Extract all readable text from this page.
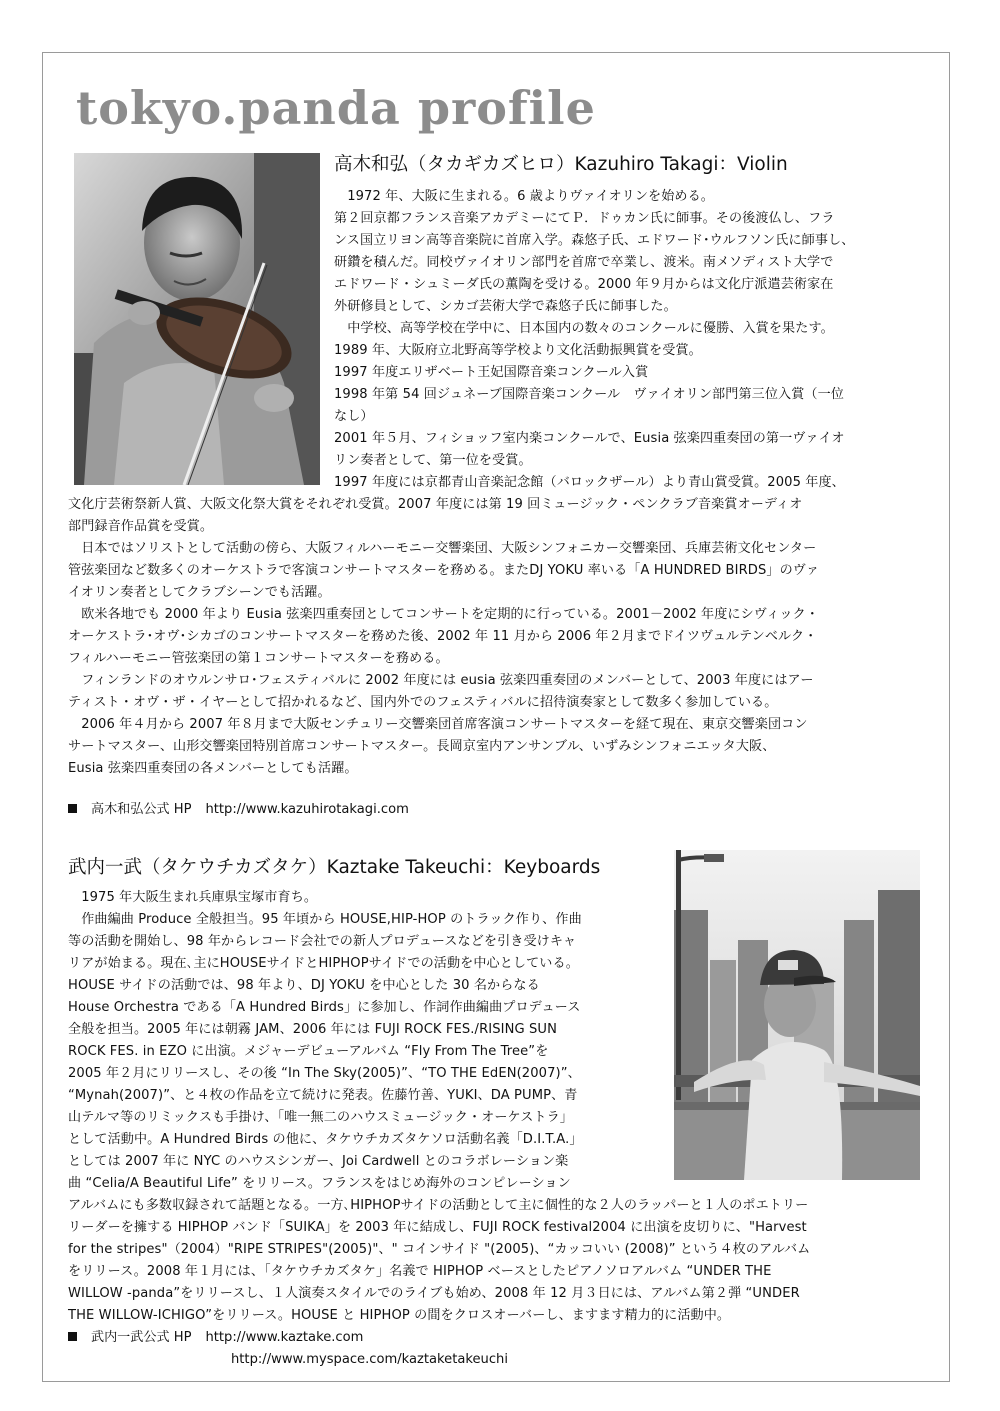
tokyo.panda profile
高木和弘（タカギカズヒロ）Kazuhiro Takagi：Violin

　1972 年、大阪に生まれる。6 歳よりヴァイオリンを始める。

第２回京都フランス音楽アカデミーにてＰ．ドゥカン氏に師事。その後渡仏し、フラ

ンス国立リヨン高等音楽院に首席入学。森悠子氏、エドワード･ウルフソン氏に師事し、

研鑽を積んだ。同校ヴァイオリン部門を首席で卒業し、渡米。南メソディスト大学で

エドワード・シュミーダ氏の薫陶を受ける。2000 年９月からは文化庁派遣芸術家在

外研修員として、シカゴ芸術大学で森悠子氏に師事した。

　中学校、高等学校在学中に、日本国内の数々のコンクールに優勝、入賞を果たす。

1989 年、大阪府立北野高等学校より文化活動振興賞を受賞。

1997 年度エリザベート王妃国際音楽コンクール入賞

1998 年第 54 回ジュネーブ国際音楽コンクール　ヴァイオリン部門第三位入賞（一位

なし）

2001 年５月、フィショッフ室内楽コンクールで、Eusia 弦楽四重奏団の第一ヴァイオ

リン奏者として、第一位を受賞。

1997 年度には京都青山音楽記念館（バロックザール）より青山賞受賞。2005 年度、

文化庁芸術祭新人賞、大阪文化祭大賞をそれぞれ受賞。2007 年度には第 19 回ミュージック・ペンクラブ音楽賞オーディオ

部門録音作品賞を受賞。

　日本ではソリストとして活動の傍ら、大阪フィルハーモニー交響楽団、大阪シンフォニカー交響楽団、兵庫芸術文化センター

管弦楽団など数多くのオーケストラで客演コンサートマスターを務める。またDJ YOKU 率いる「A HUNDRED BIRDS」のヴァ

イオリン奏者としてクラブシーンでも活躍。

　欧米各地でも 2000 年より Eusia 弦楽四重奏団としてコンサートを定期的に行っている。2001－2002 年度にシヴィック・

オーケストラ･オヴ･シカゴのコンサートマスターを務めた後、2002 年 11 月から 2006 年２月までドイツヴュルテンベルク・

フィルハーモニー管弦楽団の第１コンサートマスターを務める。

　フィンランドのオウルンサロ･フェスティバルに 2002 年度には eusia 弦楽四重奏団のメンバーとして、2003 年度にはアー

ティスト・オヴ・ザ・イヤーとして招かれるなど、国内外でのフェスティバルに招待演奏家として数多く参加している。

　2006 年４月から 2007 年８月まで大阪センチュリー交響楽団首席客演コンサートマスターを経て現在、東京交響楽団コン

サートマスター、山形交響楽団特別首席コンサートマスター。長岡京室内アンサンブル、いずみシンフォニエッタ大阪、

Eusia 弦楽四重奏団の各メンバーとしても活躍。

高木和弘公式 HP http://www.kazuhirotakagi.com

武内一武（タケウチカズタケ）Kaztake Takeuchi：Keyboards

　1975 年大阪生まれ兵庫県宝塚市育ち。

　作曲編曲 Produce 全般担当。95 年頃から HOUSE,HIP-HOP のトラック作り、作曲

等の活動を開始し、98 年からレコード会社での新人プロデュースなどを引き受けキャ

リアが始まる。現在､主にHOUSEサイドとHIPHOPサイドでの活動を中心としている。

HOUSE サイドの活動では、98 年より、DJ YOKU を中心とした 30 名からなる

House Orchestra である「A Hundred Birds」に参加し、作詞作曲編曲プロデュース

全般を担当。2005 年には朝霧 JAM、2006 年には FUJI ROCK FES./RISING SUN

ROCK FES. in EZO に出演。メジャーデビューアルバム “Fly From The Tree”を

2005 年２月にリリースし、その後 “In The Sky(2005)”、“TO THE EdEN(2007)”、

“Mynah(2007)”、と４枚の作品を立て続けに発表。佐藤竹善、YUKI、DA PUMP、青

山テルマ等のリミックスも手掛け、「唯一無二のハウスミュージック・オーケストラ」

として活動中。A Hundred Birds の他に、タケウチカズタケソロ活動名義「D.I.T.A.」

としては 2007 年に NYC のハウスシンガー、Joi Cardwell とのコラボレーション楽

曲 “Celia/A Beautiful Life” をリリース。フランスをはじめ海外のコンピレーション

アルバムにも多数収録されて話題となる。一方､HIPHOPサイドの活動として主に個性的な２人のラッパーと１人のポエトリー

リーダーを擁する HIPHOP バンド「SUIKA」を 2003 年に結成し、FUJI ROCK festival2004 に出演を皮切りに、"Harvest

for the stripes"（2004）"RIPE STRIPES"(2005)"、" コインサイド "(2005)、“カッコいい (2008)” という４枚のアルバム

をリリース。2008 年１月には、「タケウチカズタケ」名義で HIPHOP ベースとしたピアノソロアルバム “UNDER THE

WILLOW -panda”をリリースし、１人演奏スタイルでのライブも始め、2008 年 12 月３日には、アルバム第２弾 “UNDER

THE WILLOW-ICHIGO”をリリース。HOUSE と HIPHOP の間をクロスオーバーし、ますます精力的に活動中。

武内一武公式 HP http://www.kaztake.com

http://www.myspace.com/kaztaketakeuchi
